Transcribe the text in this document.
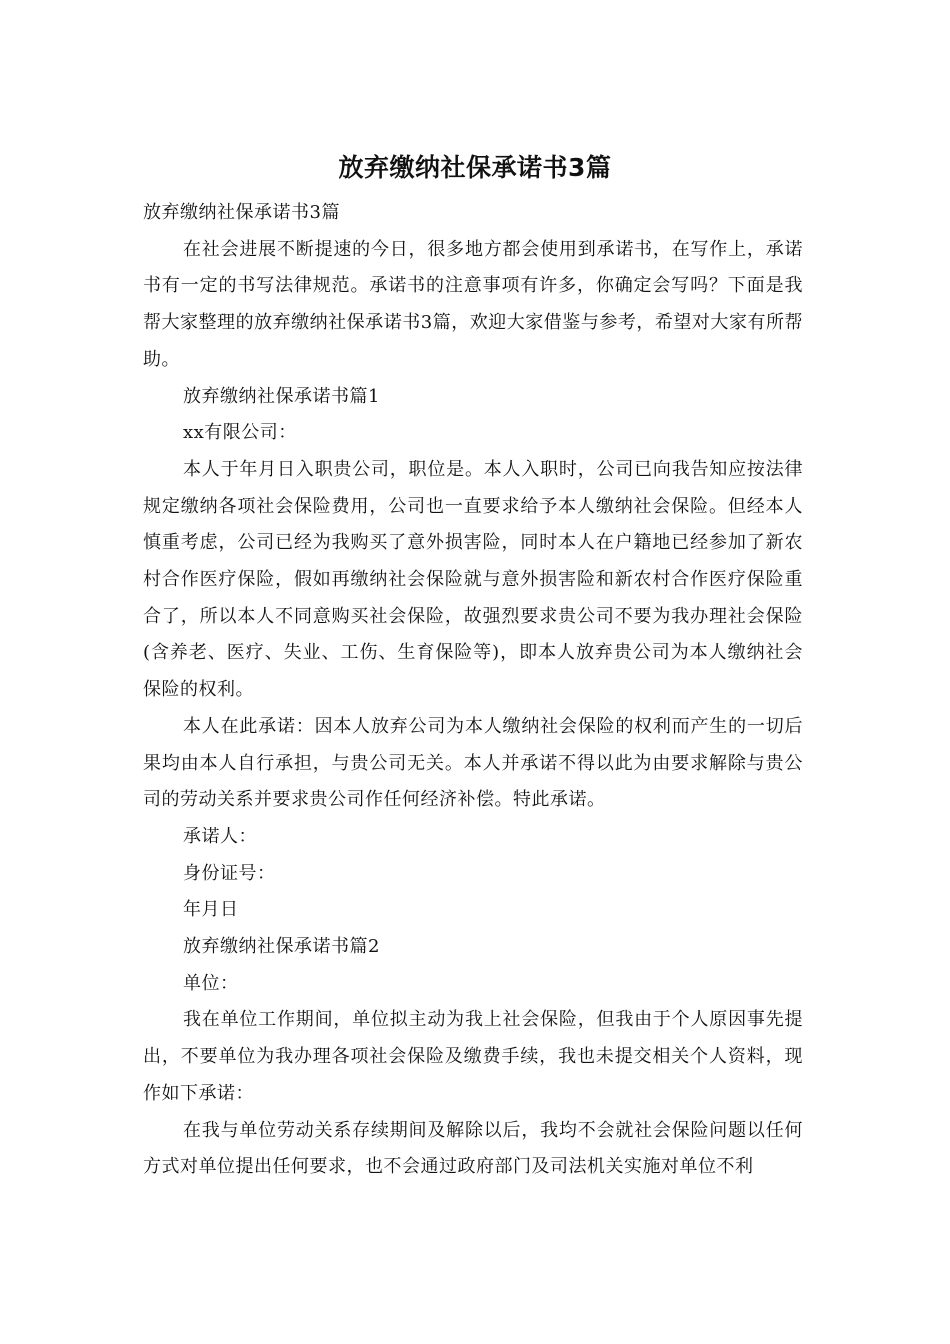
放弃缴纳社保承诺书3篇

放弃缴纳社保承诺书3篇

在社会进展不断提速的今日，很多地方都会使用到承诺书，在写作上，承诺书有一定的书写法律规范。承诺书的注意事项有许多，你确定会写吗？下面是我帮大家整理的放弃缴纳社保承诺书3篇，欢迎大家借鉴与参考，希望对大家有所帮助。

放弃缴纳社保承诺书篇1

xx有限公司：

本人于年月日入职贵公司，职位是。本人入职时，公司已向我告知应按法律规定缴纳各项社会保险费用，公司也一直要求给予本人缴纳社会保险。但经本人慎重考虑，公司已经为我购买了意外损害险，同时本人在户籍地已经参加了新农村合作医疗保险，假如再缴纳社会保险就与意外损害险和新农村合作医疗保险重合了，所以本人不同意购买社会保险，故强烈要求贵公司不要为我办理社会保险(含养老、医疗、失业、工伤、生育保险等)，即本人放弃贵公司为本人缴纳社会保险的权利。

本人在此承诺：因本人放弃公司为本人缴纳社会保险的权利而产生的一切后果均由本人自行承担，与贵公司无关。本人并承诺不得以此为由要求解除与贵公司的劳动关系并要求贵公司作任何经济补偿。特此承诺。

承诺人：

身份证号：

年月日

放弃缴纳社保承诺书篇2

单位：

我在单位工作期间，单位拟主动为我上社会保险，但我由于个人原因事先提出，不要单位为我办理各项社会保险及缴费手续，我也未提交相关个人资料，现作如下承诺：

在我与单位劳动关系存续期间及解除以后，我均不会就社会保险问题以任何方式对单位提出任何要求，也不会通过政府部门及司法机关实施对单位不利
